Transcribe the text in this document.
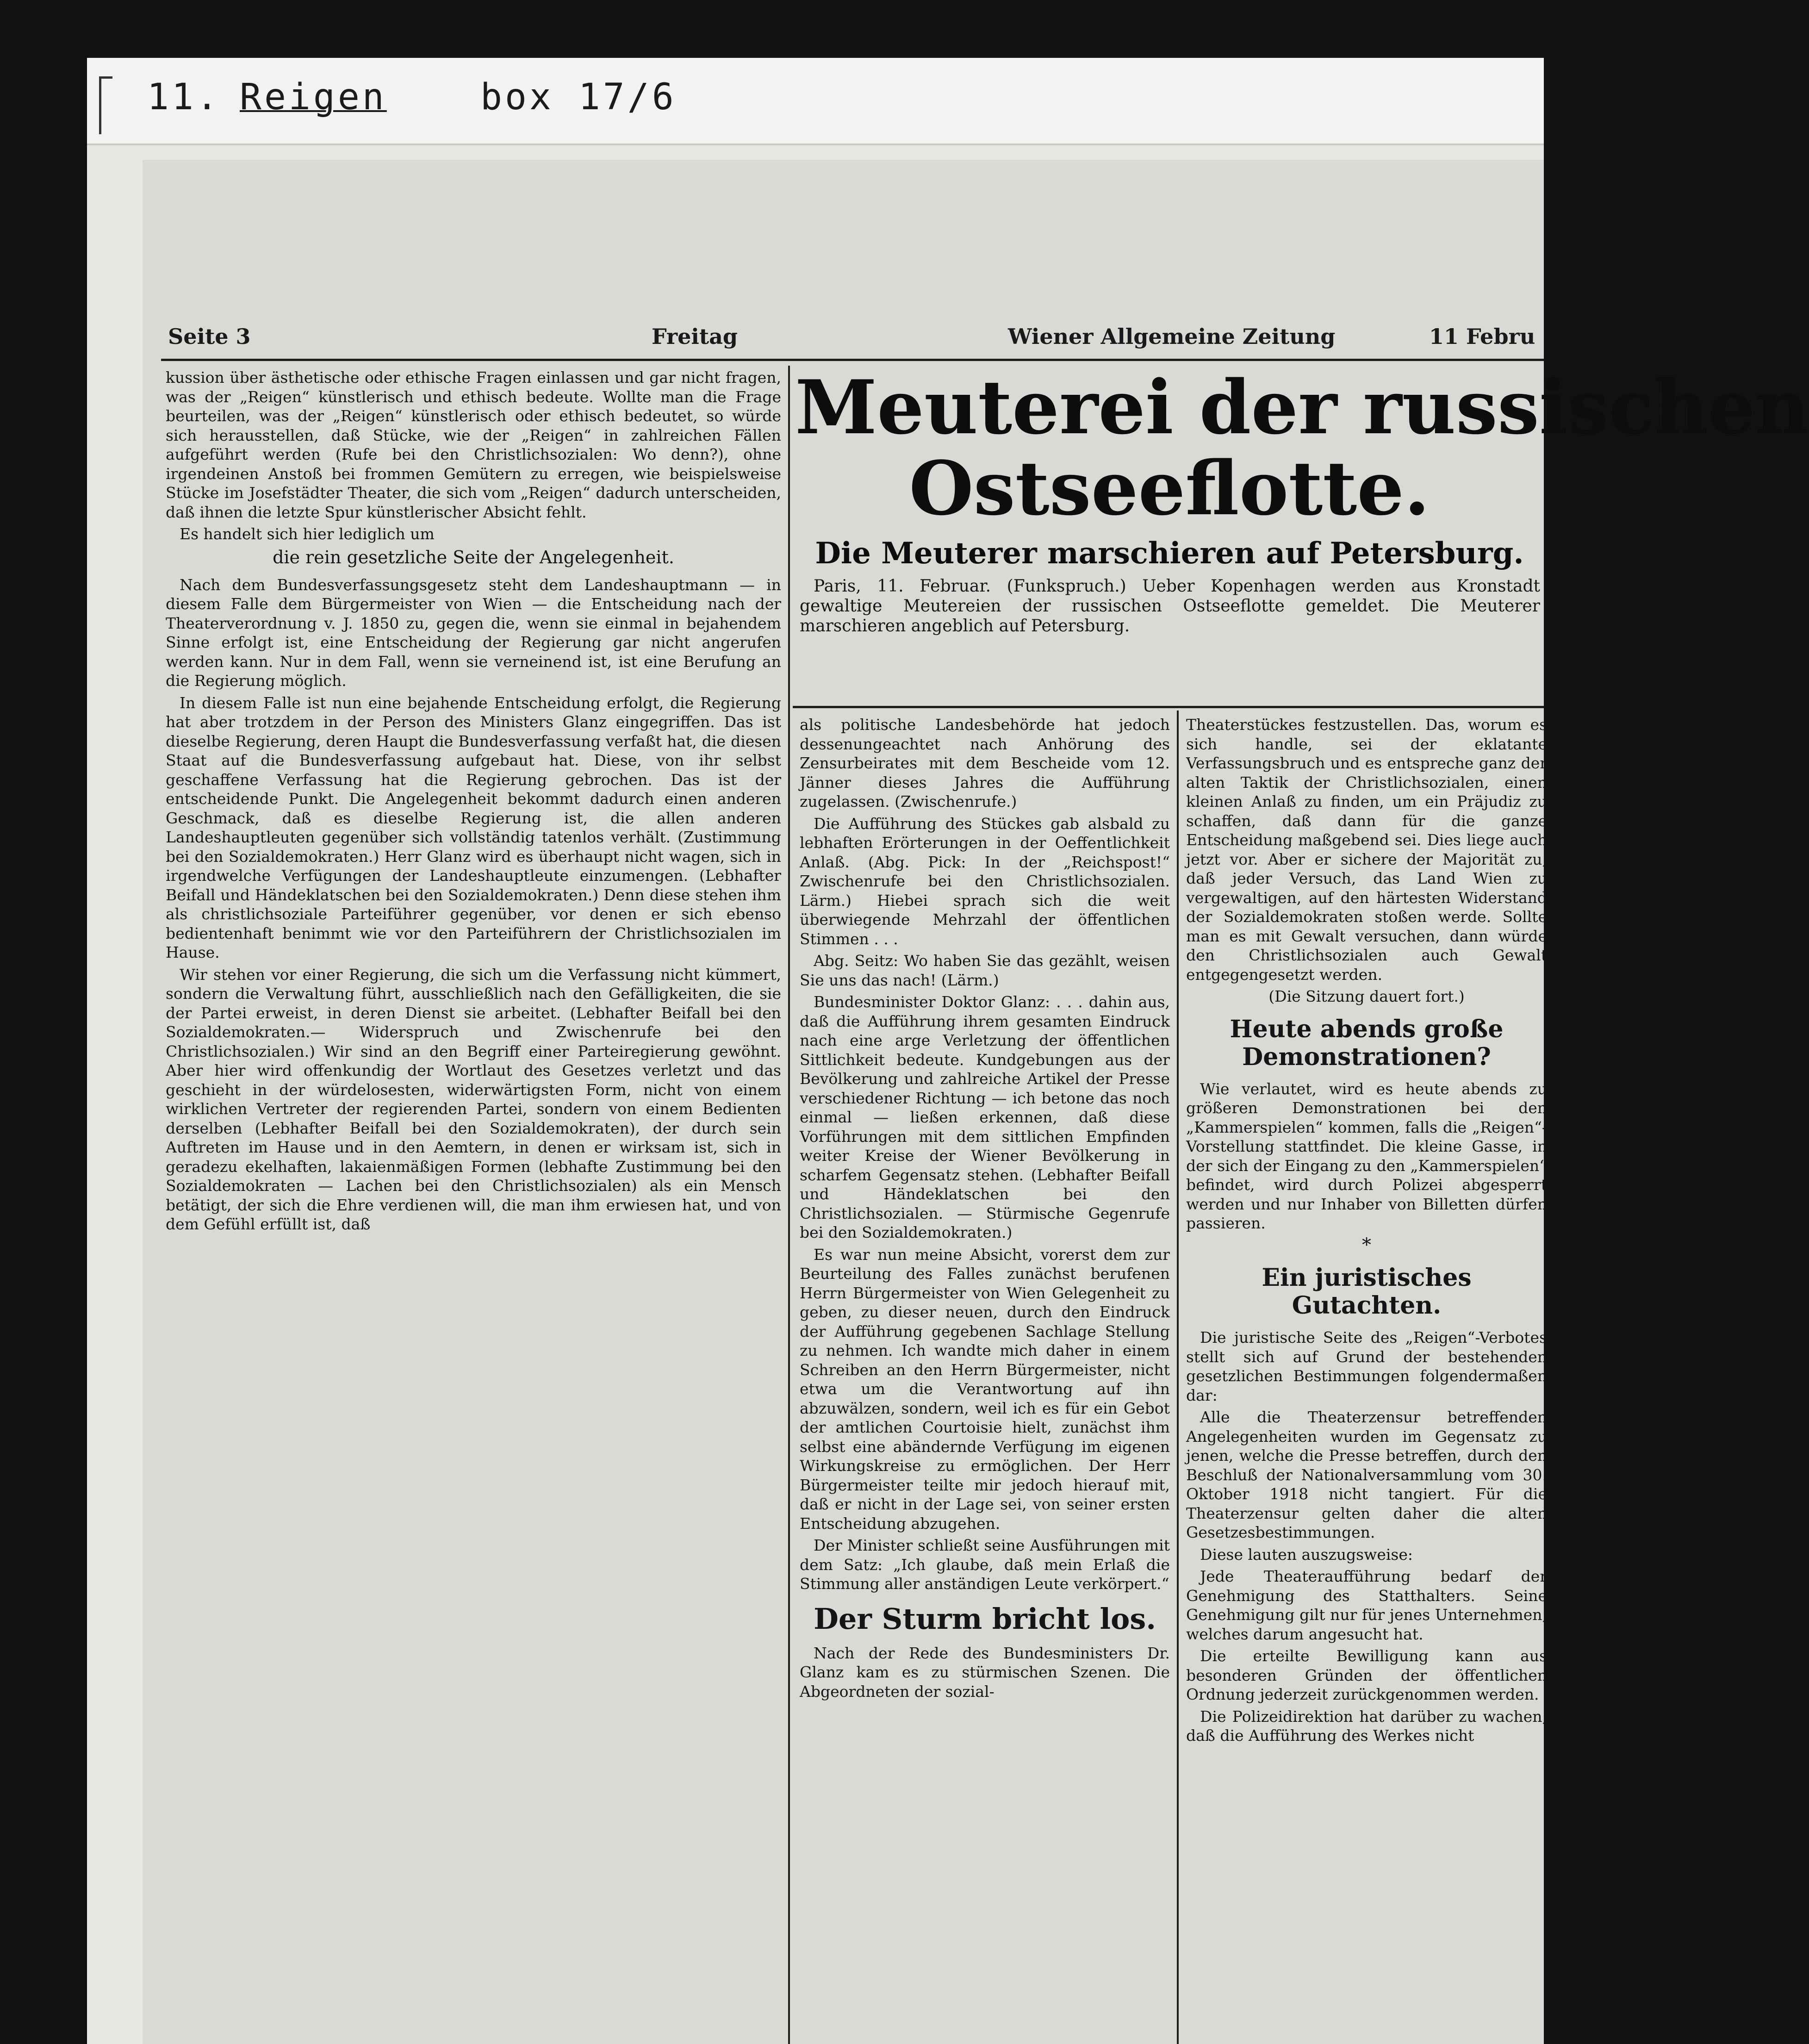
11. Reigen	box 17/6
Seite 3	Freitag	Wiener Allgemeine Zeitung	11 Febru

kussion über ästhetische oder ethische Fragen einlassen und gar nicht fragen, was der „Reigen“ künstlerisch und ethisch bedeute. Wollte man die Frage beurteilen, was der „Reigen“ künstlerisch oder ethisch bedeutet, so würde sich herausstellen, daß Stücke, wie der „Reigen“ in zahlreichen Fällen aufgeführt werden (Rufe bei den Christlichsozialen: Wo denn?), ohne irgendeinen Anstoß bei frommen Gemütern zu erregen, wie beispielsweise Stücke im Josefstädter Theater, die sich vom „Reigen“ dadurch unterscheiden, daß ihnen die letzte Spur künstlerischer Absicht fehlt.

Es handelt sich hier lediglich um

die rein gesetzliche Seite der Angelegenheit.

Nach dem Bundesverfassungsgesetz steht dem Landeshauptmann — in diesem Falle dem Bürgermeister von Wien — die Entscheidung nach der Theaterverordnung v. J. 1850 zu, gegen die, wenn sie einmal in bejahendem Sinne erfolgt ist, eine Entscheidung der Regierung gar nicht angerufen werden kann. Nur in dem Fall, wenn sie verneinend ist, ist eine Berufung an die Regierung möglich.

In diesem Falle ist nun eine bejahende Entscheidung erfolgt, die Regierung hat aber trotzdem in der Person des Ministers Glanz eingegriffen. Das ist dieselbe Regierung, deren Haupt die Bundesverfassung verfaßt hat, die diesen Staat auf die Bundesverfassung aufgebaut hat. Diese, von ihr selbst geschaffene Verfassung hat die Regierung gebrochen. Das ist der entscheidende Punkt. Die Angelegenheit bekommt dadurch einen anderen Geschmack, daß es dieselbe Regierung ist, die allen anderen Landeshauptleuten gegenüber sich vollständig tatenlos verhält. (Zustimmung bei den Sozialdemokraten.) Herr Glanz wird es überhaupt nicht wagen, sich in irgendwelche Verfügungen der Landeshauptleute einzumengen. (Lebhafter Beifall und Händeklatschen bei den Sozialdemokraten.) Denn diese stehen ihm als christlichsoziale Parteiführer gegenüber, vor denen er sich ebenso bedientenhaft benimmt wie vor den Parteiführern der Christlichsozialen im Hause.

Wir stehen vor einer Regierung, die sich um die Verfassung nicht kümmert, sondern die Verwaltung führt, ausschließlich nach den Gefälligkeiten, die sie der Partei erweist, in deren Dienst sie arbeitet. (Lebhafter Beifall bei den Sozialdemokraten.— Widerspruch und Zwischenrufe bei den Christlichsozialen.) Wir sind an den Begriff einer Parteiregierung gewöhnt. Aber hier wird offenkundig der Wortlaut des Gesetzes verletzt und das geschieht in der würdelosesten, widerwärtigsten Form, nicht von einem wirklichen Vertreter der regierenden Partei, sondern von einem Bedienten derselben (Lebhafter Beifall bei den Sozialdemokraten), der durch sein Auftreten im Hause und in den Aemtern, in denen er wirksam ist, sich in geradezu ekelhaften, lakaienmäßigen Formen (lebhafte Zustimmung bei den Sozialdemokraten — Lachen bei den Christlichsozialen) als ein Mensch betätigt, der sich die Ehre verdienen will, die man ihm erwiesen hat, und von dem Gefühl erfüllt ist, daß

Meuterei der russischen
Ostseeflotte.
Die Meuterer marschieren auf Petersburg.

Paris, 11. Februar. (Funkspruch.) Ueber Kopenhagen werden aus Kronstadt gewaltige Meutereien der russischen Ostseeflotte gemeldet. Die Meuterer marschieren angeblich auf Petersburg.

als politische Landesbehörde hat jedoch dessenungeachtet nach Anhörung des Zensurbeirates mit dem Bescheide vom 12. Jänner dieses Jahres die Aufführung zugelassen. (Zwischenrufe.)

Die Aufführung des Stückes gab alsbald zu lebhaften Erörterungen in der Oeffentlichkeit Anlaß. (Abg. Pick: In der „Reichspost!“ Zwischenrufe bei den Christlichsozialen. Lärm.) Hiebei sprach sich die weit überwiegende Mehrzahl der öffentlichen Stimmen . . .

Abg. Seitz: Wo haben Sie das gezählt, weisen Sie uns das nach! (Lärm.)

Bundesminister Doktor Glanz: . . . dahin aus, daß die Aufführung ihrem gesamten Eindruck nach eine arge Verletzung der öffentlichen Sittlichkeit bedeute. Kundgebungen aus der Bevölkerung und zahlreiche Artikel der Presse verschiedener Richtung — ich betone das noch einmal — ließen erkennen, daß diese Vorführungen mit dem sittlichen Empfinden weiter Kreise der Wiener Bevölkerung in scharfem Gegensatz stehen. (Lebhafter Beifall und Händeklatschen bei den Christlichsozialen. — Stürmische Gegenrufe bei den Sozialdemokraten.)

Es war nun meine Absicht, vorerst dem zur Beurteilung des Falles zunächst berufenen Herrn Bürgermeister von Wien Gelegenheit zu geben, zu dieser neuen, durch den Eindruck der Aufführung gegebenen Sachlage Stellung zu nehmen. Ich wandte mich daher in einem Schreiben an den Herrn Bürgermeister, nicht etwa um die Verantwortung auf ihn abzuwälzen, sondern, weil ich es für ein Gebot der amtlichen Courtoisie hielt, zunächst ihm selbst eine abändernde Verfügung im eigenen Wirkungskreise zu ermöglichen. Der Herr Bürgermeister teilte mir jedoch hierauf mit, daß er nicht in der Lage sei, von seiner ersten Entscheidung abzugehen.

Der Minister schließt seine Ausführungen mit dem Satz: „Ich glaube, daß mein Erlaß die Stimmung aller anständigen Leute verkörpert.“

Der Sturm bricht los.

Nach der Rede des Bundesministers Dr. Glanz kam es zu stürmischen Szenen. Die Abgeordneten der sozial-

Theaterstückes festzustellen. Das, worum es sich handle, sei der eklatante Verfassungsbruch und es entspreche ganz der alten Taktik der Christlichsozialen, einen kleinen Anlaß zu finden, um ein Präjudiz zu schaffen, daß dann für die ganze Entscheidung maßgebend sei. Dies liege auch jetzt vor. Aber er sichere der Majorität zu, daß jeder Versuch, das Land Wien zu vergewaltigen, auf den härtesten Widerstand der Sozialdemokraten stoßen werde. Sollte man es mit Gewalt versuchen, dann würde den Christlichsozialen auch Gewalt entgegengesetzt werden.

(Die Sitzung dauert fort.)

Heute abends große Demonstrationen?

Wie verlautet, wird es heute abends zu größeren Demonstrationen bei den „Kammerspielen“ kommen, falls die „Reigen“-Vorstellung stattfindet. Die kleine Gasse, in der sich der Eingang zu den „Kammerspielen“ befindet, wird durch Polizei abgesperrt werden und nur Inhaber von Billetten dürfen passieren.

*
Ein juristisches Gutachten.

Die juristische Seite des „Reigen“-Verbotes stellt sich auf Grund der bestehenden gesetzlichen Bestimmungen folgendermaßen dar:

Alle die Theaterzensur betreffenden Angelegenheiten wurden im Gegensatz zu jenen, welche die Presse betreffen, durch den Beschluß der Nationalversammlung vom 30. Oktober 1918 nicht tangiert. Für die Theaterzensur gelten daher die alten Gesetzesbestimmungen.

Diese lauten auszugsweise:

Jede Theateraufführung bedarf der Genehmigung des Statthalters. Seine Genehmigung gilt nur für jenes Unternehmen, welches darum angesucht hat.

Die erteilte Bewilligung kann aus besonderen Gründen der öffentlichen Ordnung jederzeit zurückgenommen werden.

Die Polizeidirektion hat darüber zu wachen, daß die Aufführung des Werkes nicht
